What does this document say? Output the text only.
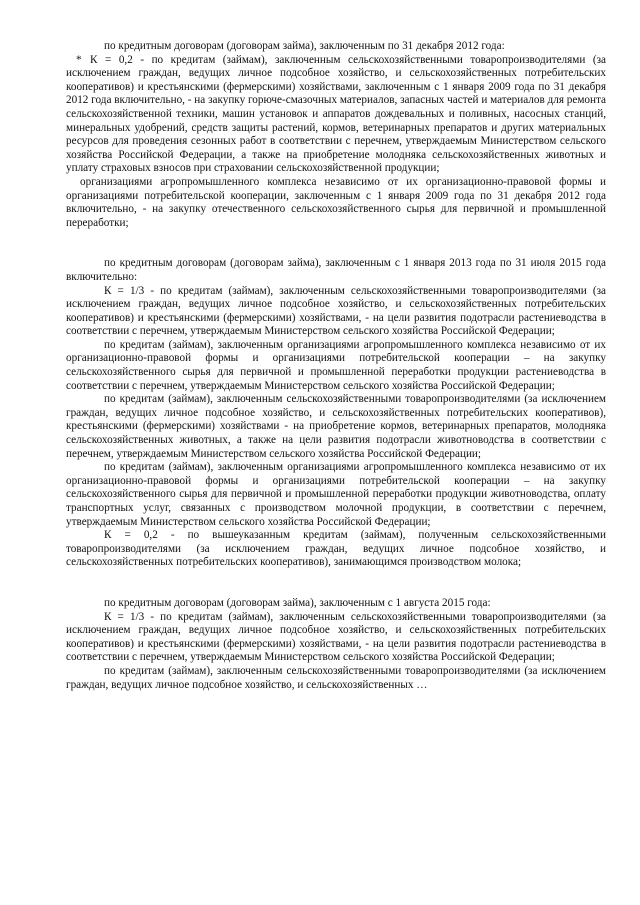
по кредитным договорам (договорам займа), заключенным по 31 декабря 2012 года:

* К = 0,2 - по кредитам (займам), заключенным сельскохозяйственными товаропроизводителями (за исключением граждан, ведущих личное подсобное хозяйство, и сельскохозяйственных потребительских кооперативов) и крестьянскими (фермерскими) хозяйствами, заключенным с 1 января 2009 года по 31 декабря 2012 года включительно, - на закупку горюче-смазочных материалов, запасных частей и материалов для ремонта сельскохозяйственной техники, машин установок и аппаратов дождевальных и поливных, насосных станций, минеральных удобрений, средств защиты растений, кормов, ветеринарных препаратов и других материальных ресурсов для проведения сезонных работ в соответствии с перечнем, утверждаемым Министерством сельского хозяйства Российской Федерации, а также на приобретение молодняка сельскохозяйственных животных и уплату страховых взносов при страховании сельскохозяйственной продукции;

организациями агропромышленного комплекса независимо от их организационно-правовой формы и организациями потребительской кооперации, заключенным с 1 января 2009 года по 31 декабря 2012 года включительно, - на закупку отечественного сельскохозяйственного сырья для первичной и промышленной переработки;

по кредитным договорам (договорам займа), заключенным с 1 января 2013 года по 31 июля 2015 года включительно:

К = 1/3 - по кредитам (займам), заключенным сельскохозяйственными товаропроизводителями (за исключением граждан, ведущих личное подсобное хозяйство, и сельскохозяйственных потребительских кооперативов) и крестьянскими (фермерскими) хозяйствами, - на цели развития подотрасли растениеводства в соответствии с перечнем, утверждаемым Министерством сельского хозяйства Российской Федерации;

по кредитам (займам), заключенным организациями агропромышленного комплекса независимо от их организационно-правовой формы и организациями потребительской кооперации – на закупку сельскохозяйственного сырья для первичной и промышленной переработки продукции растениеводства в соответствии с перечнем, утверждаемым Министерством сельского хозяйства Российской Федерации;

по кредитам (займам), заключенным сельскохозяйственными товаропроизводителями (за исключением граждан, ведущих личное подсобное хозяйство, и сельскохозяйственных потребительских кооперативов), крестьянскими (фермерскими) хозяйствами - на приобретение кормов, ветеринарных препаратов, молодняка сельскохозяйственных животных, а также на цели развития подотрасли животноводства в соответствии с перечнем, утверждаемым Министерством сельского хозяйства Российской Федерации;

по кредитам (займам), заключенным организациями агропромышленного комплекса независимо от их организационно-правовой формы и организациями потребительской кооперации – на закупку сельскохозяйственного сырья для первичной и промышленной переработки продукции животноводства, оплату транспортных услуг, связанных с производством молочной продукции, в соответствии с перечнем, утверждаемым Министерством сельского хозяйства Российской Федерации;

К = 0,2 - по вышеуказанным кредитам (займам), полученным сельскохозяйственными товаропроизводителями (за исключением граждан, ведущих личное подсобное хозяйство, и сельскохозяйственных потребительских кооперативов), занимающимся производством молока;

по кредитным договорам (договорам займа), заключенным с 1 августа 2015 года:

К = 1/3 - по кредитам (займам), заключенным сельскохозяйственными товаропроизводителями (за исключением граждан, ведущих личное подсобное хозяйство, и сельскохозяйственных потребительских кооперативов) и крестьянскими (фермерскими) хозяйствами, - на цели развития подотрасли растениеводства в соответствии с перечнем, утверждаемым Министерством сельского хозяйства Российской Федерации;

по кредитам (займам), заключенным сельскохозяйственными товаропроизводителями (за исключением граждан, ведущих личное подсобное хозяйство, и сельскохозяйственных …
